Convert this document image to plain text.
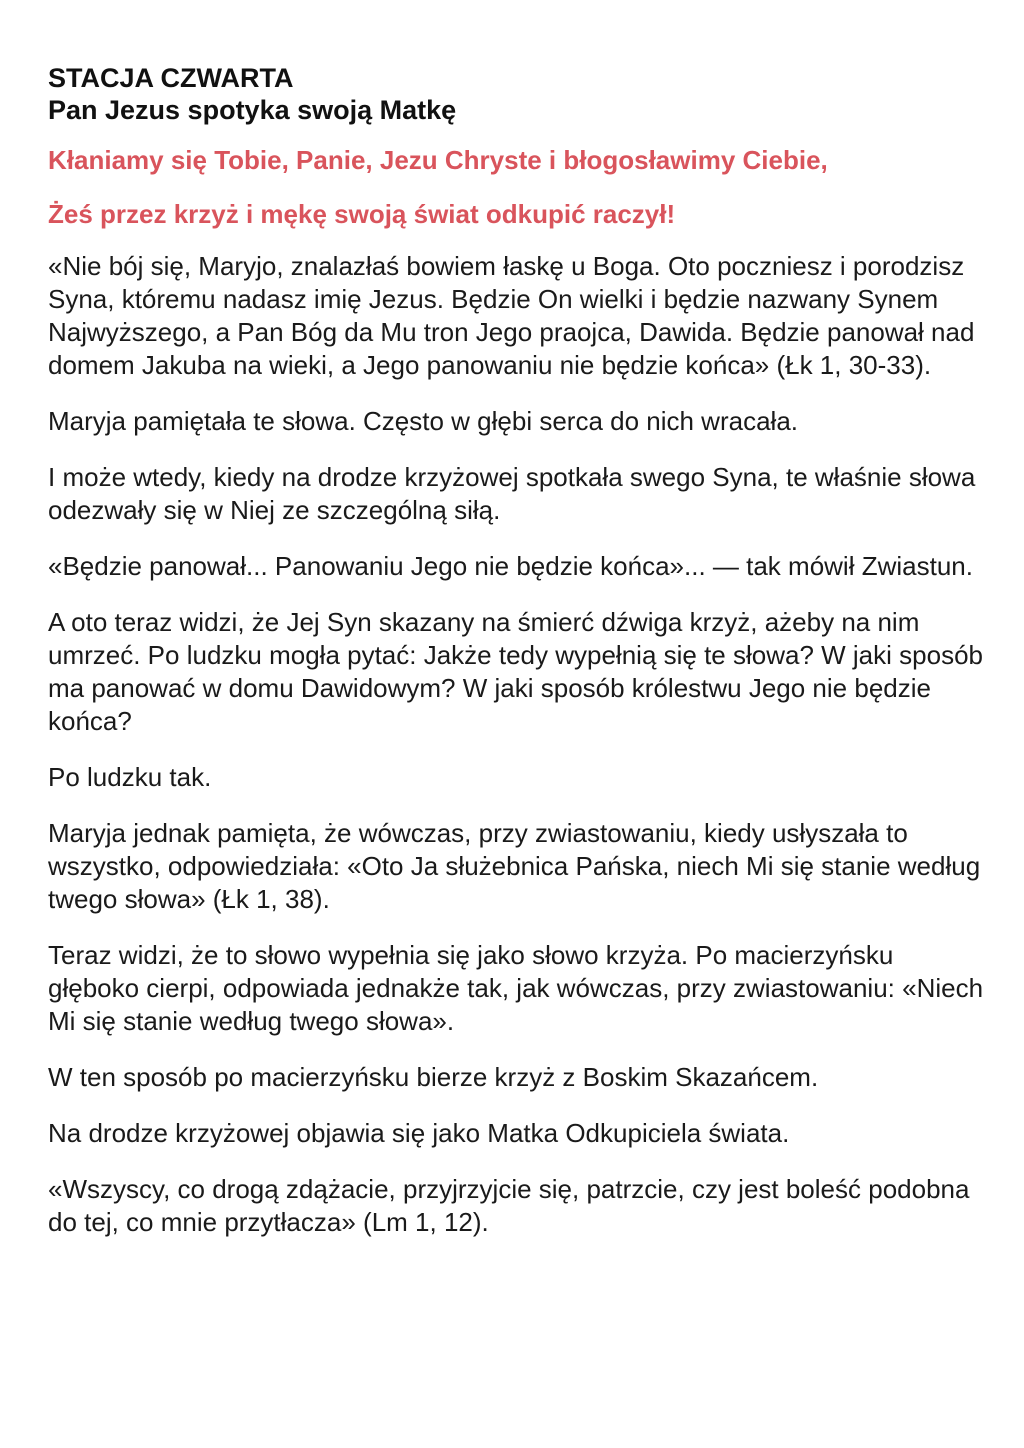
STACJA CZWARTA
Pan Jezus spotyka swoją Matkę

Kłaniamy się Tobie, Panie, Jezu Chryste i błogosławimy Ciebie,

Żeś przez krzyż i mękę swoją świat odkupić raczył!

«Nie bój się, Maryjo, znalazłaś bowiem łaskę u Boga. Oto poczniesz i porodzisz Syna, któremu nadasz imię Jezus. Będzie On wielki i będzie nazwany Synem Najwyższego, a Pan Bóg da Mu tron Jego praojca, Dawida. Będzie panował nad domem Jakuba na wieki, a Jego panowaniu nie będzie końca» (Łk 1, 30-33).

Maryja pamiętała te słowa. Często w głębi serca do nich wracała.

I może wtedy, kiedy na drodze krzyżowej spotkała swego Syna, te właśnie słowa odezwały się w Niej ze szczególną siłą.

«Będzie panował... Panowaniu Jego nie będzie końca»... — tak mówił Zwiastun.

A oto teraz widzi, że Jej Syn skazany na śmierć dźwiga krzyż, ażeby na nim umrzeć. Po ludzku mogła pytać: Jakże tedy wypełnią się te słowa? W jaki sposób ma panować w domu Dawidowym? W jaki sposób królestwu Jego nie będzie końca?

Po ludzku tak.

Maryja jednak pamięta, że wówczas, przy zwiastowaniu, kiedy usłyszała to wszystko, odpowiedziała: «Oto Ja służebnica Pańska, niech Mi się stanie według twego słowa» (Łk 1, 38).

Teraz widzi, że to słowo wypełnia się jako słowo krzyża. Po macierzyńsku głęboko cierpi, odpowiada jednakże tak, jak wówczas, przy zwiastowaniu: «Niech Mi się stanie według twego słowa».

W ten sposób po macierzyńsku bierze krzyż z Boskim Skazańcem.

Na drodze krzyżowej objawia się jako Matka Odkupiciela świata.

«Wszyscy, co drogą zdążacie, przyjrzyjcie się, patrzcie, czy jest boleść podobna do tej, co mnie przytłacza» (Lm 1, 12).
